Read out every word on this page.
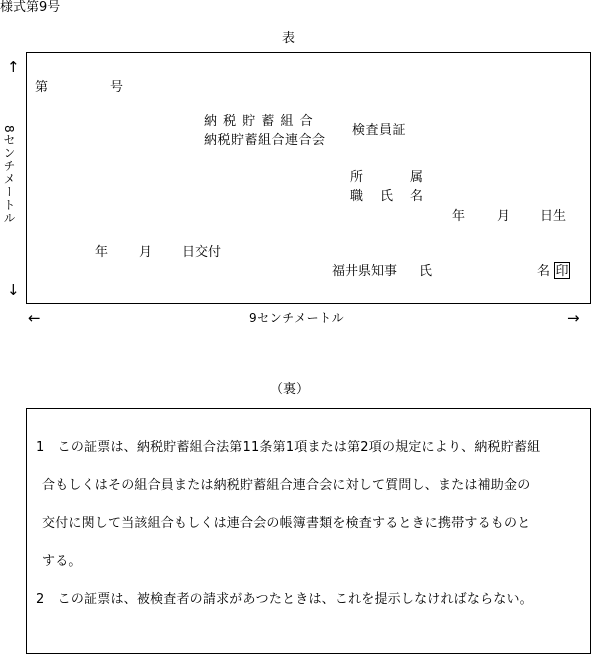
様式第9号
表
↑
8センチメートル
↓
第	号
納 税 貯 蓄 組 合
納税貯蓄組合連合会
検査員証
所	属
職 氏 名
年 月 日生
年 月 日交付
福井県知事 氏	名 印
←	9センチメートル	→
（裏）
1　この証票は、納税貯蓄組合法第11条第1項または第2項の規定により、納税貯蓄組
合もしくはその組合員または納税貯蓄組合連合会に対して質問し、または補助金の
交付に関して当該組合もしくは連合会の帳簿書類を検査するときに携帯するものと
する。
2　この証票は、被検査者の請求があつたときは、これを提示しなければならない。
